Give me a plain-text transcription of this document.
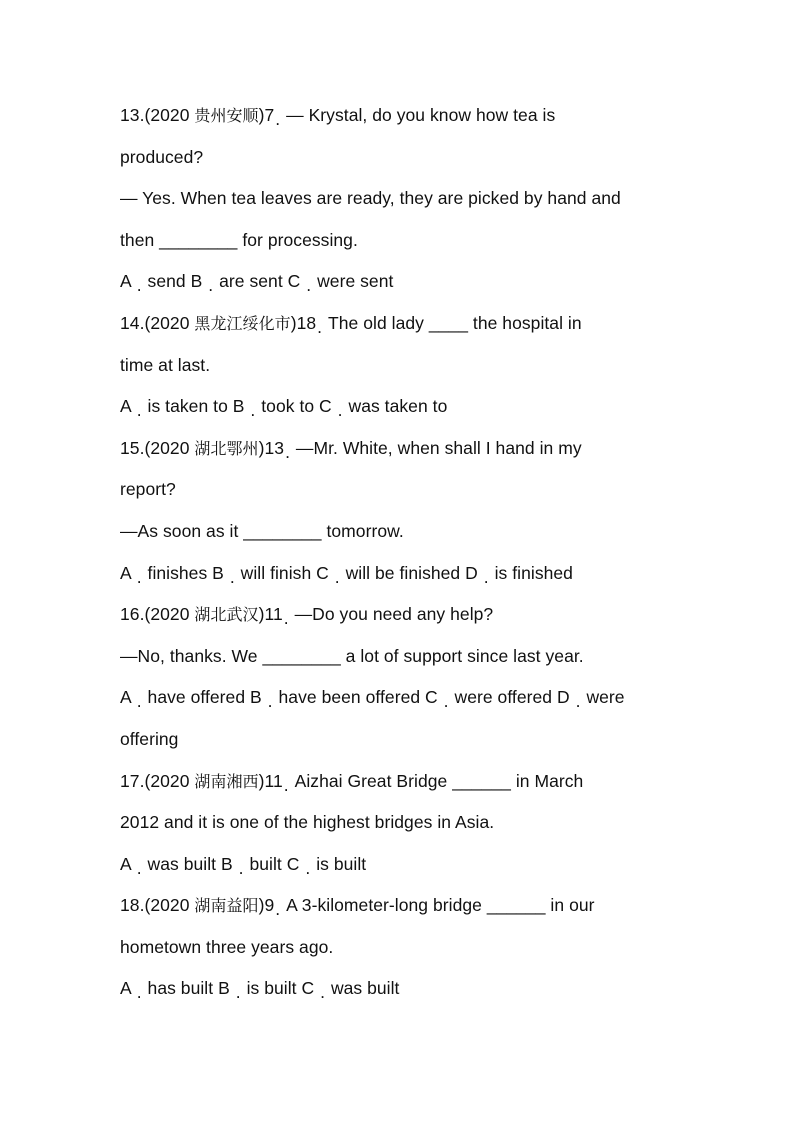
13.(2020 贵州安顺)7. — Krystal, do you know how tea is
produced?
— Yes. When tea leaves are ready, they are picked by hand and
then ________ for processing.
A . send B . are sent C . were sent
14.(2020 黑龙江绥化市)18. The old lady ____ the hospital in
time at last.
A . is taken to B . took to C . was taken to
15.(2020 湖北鄂州)13. —Mr. White, when shall I hand in my
report?
—As soon as it ________ tomorrow.
A . finishes B . will finish C . will be finished D . is finished
16.(2020 湖北武汉)11. —Do you need any help?
—No, thanks. We ________ a lot of support since last year.
A . have offered B . have been offered C . were offered D . were
offering
17.(2020 湖南湘西)11. Aizhai Great Bridge ______ in March
2012 and it is one of the highest bridges in Asia.
A . was built B . built C . is built
18.(2020 湖南益阳)9. A 3-kilometer-long bridge ______ in our
hometown three years ago.
A . has built B . is built C . was built
